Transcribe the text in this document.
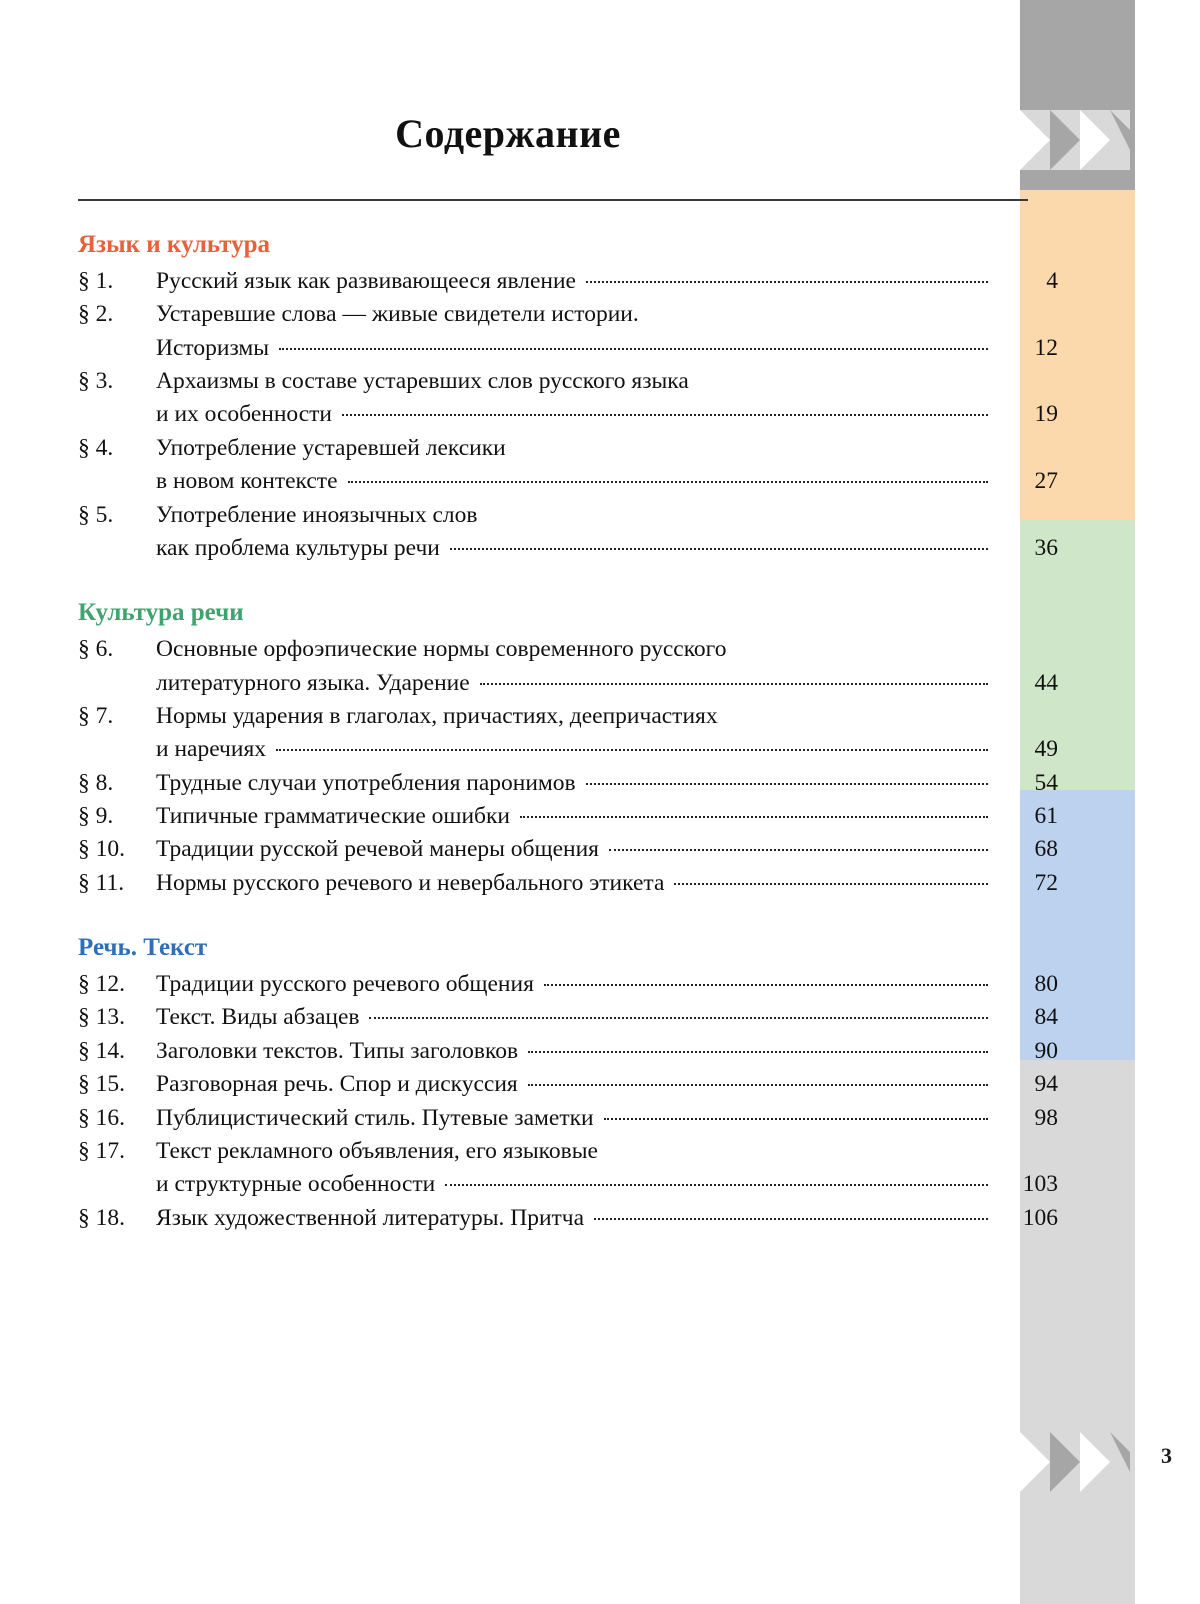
3
Содержание
Язык и культура
§ 1.	Русский язык как развивающееся явление	4
§ 2.	Устаревшие слова — живые свидетели истории.
Историзмы	12
§ 3.	Архаизмы в составе устаревших слов русского языка
и их особенности	19
§ 4.	Употребление устаревшей лексики
в новом контексте	27
§ 5.	Употребление иноязычных слов
как проблема культуры речи	36
Культура речи
§ 6.	Основные орфоэпические нормы современного русского
литературного языка. Ударение	44
§ 7.	Нормы ударения в глаголах, причастиях, деепричастиях
и наречиях	49
§ 8.	Трудные случаи употребления паронимов	54
§ 9.	Типичные грамматические ошибки	61
§ 10.	Традиции русской речевой манеры общения	68
§ 11.	Нормы русского речевого и невербального этикета	72
Речь. Текст
§ 12.	Традиции русского речевого общения	80
§ 13.	Текст. Виды абзацев	84
§ 14.	Заголовки текстов. Типы заголовков	90
§ 15.	Разговорная речь. Спор и дискуссия	94
§ 16.	Публицистический стиль. Путевые заметки	98
§ 17.	Текст рекламного объявления, его языковые
и структурные особенности	103
§ 18.	Язык художественной литературы. Притча	106
